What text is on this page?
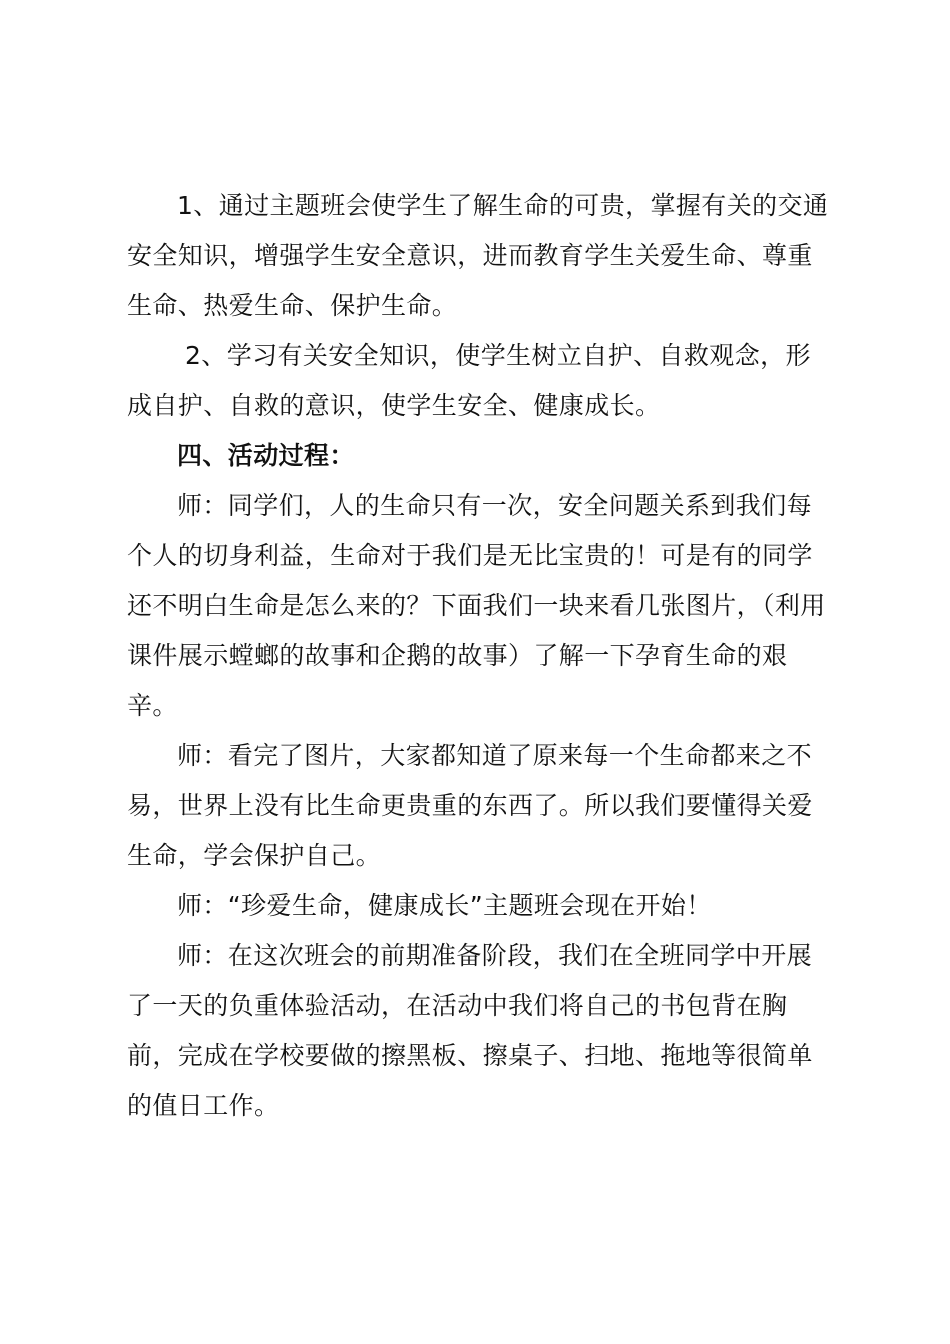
1、通过主题班会使学生了解生命的可贵，掌握有关的交通安全知识，增强学生安全意识，进而教育学生关爱生命、尊重生命、热爱生命、保护生命。

2、学习有关安全知识，使学生树立自护、自救观念，形成自护、自救的意识，使学生安全、健康成长。

四、活动过程：

师：同学们，人的生命只有一次，安全问题关系到我们每个人的切身利益，生命对于我们是无比宝贵的！可是有的同学还不明白生命是怎么来的？下面我们一块来看几张图片，（利用课件展示螳螂的故事和企鹅的故事）了解一下孕育生命的艰辛。

师：看完了图片，大家都知道了原来每一个生命都来之不易，世界上没有比生命更贵重的东西了。所以我们要懂得关爱生命，学会保护自己。

师：“珍爱生命，健康成长”主题班会现在开始！

师：在这次班会的前期准备阶段，我们在全班同学中开展了一天的负重体验活动，在活动中我们将自己的书包背在胸前，完成在学校要做的擦黑板、擦桌子、扫地、拖地等很简单的值日工作。
